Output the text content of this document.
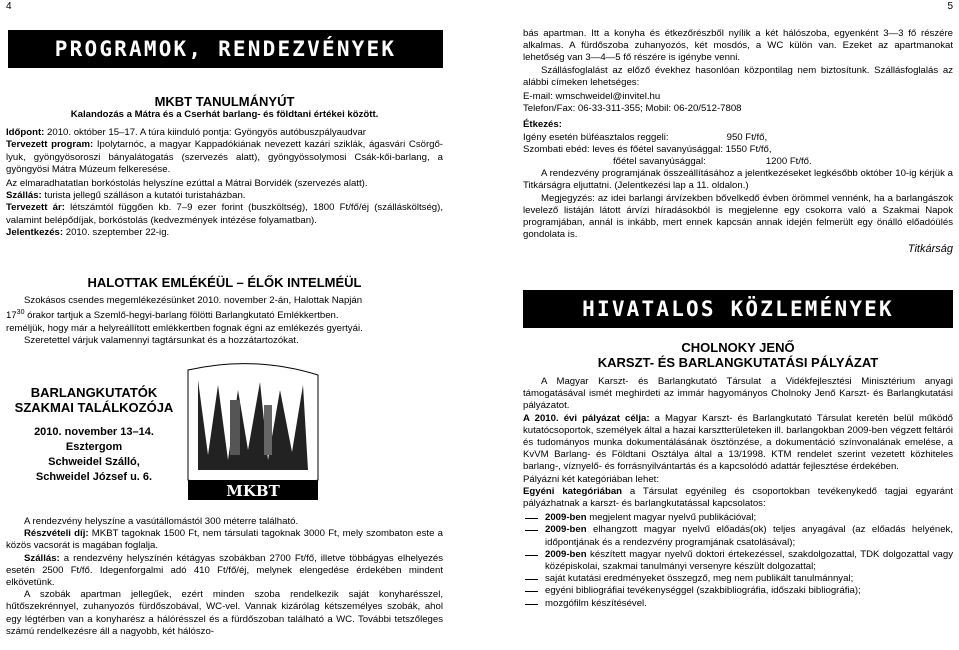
4	5
PROGRAMOK, RENDEZVÉNYEK
MKBT TANULMÁNYÚT
Kalandozás a Mátra és a Cserhát barlang- és földtani értékei között.
Időpont: 2010. október 15–17. A túra kiinduló pontja: Gyöngyös autóbuszpályaudvar
Tervezett program: Ipolytarnóc, a magyar Kappadókiának nevezett kazári sziklák, ágasvári Csörgő-lyuk, gyöngyösoroszi bányalátogatás (szervezés alatt), gyöngyössolymosi Csák-kői-barlang, a gyöngyösi Mátra Múzeum felkeresése.
Az elmaradhatatlan borkóstolás helyszíne ezúttal a Mátrai Borvidék (szervezés alatt).
Szállás: turista jellegű szálláson a kutatói turistaházban.
Tervezett ár: létszámtól függően kb. 7–9 ezer forint (buszköltség), 1800 Ft/fő/éj (szállásköltség), valamint belépődíjak, borkóstolás (kedvezmények intézése folyamatban).
Jelentkezés: 2010. szeptember 22-ig.
HALOTTAK EMLÉKÉÜL – ÉLŐK INTELMÉÜL
Szokásos csendes megemlékezésünket 2010. november 2-án, Halottak Napján
$17^{30}$ órakor tartjuk a Szemlő-hegyi-barlang fölötti Barlangkutató Emlékkertben.
reméljük, hogy már a helyreállított emlékkertben fognak égni az emlékezés gyertyái.
Szeretettel várjuk valamennyi tagtársunkat és a hozzátartozókat.
BARLANGKUTATÓK
SZAKMAI TALÁLKOZÓJA
2010. november 13–14.
Esztergom
Schweidel Szálló,
Schweidel József u. 6.
MKBT
A rendezvény helyszíne a vasútállomástól 300 méterre található.
Részvételi díj: MKBT tagoknak 1500 Ft, nem társulati tagoknak 3000 Ft, mely szombaton este a közös vacsorát is magában foglalja.
Szállás: a rendezvény helyszínén kétágyas szobákban 2700 Ft/fő, illetve többágyas elhelyezés esetén 2500 Ft/fő. Idegenforgalmi adó 410 Ft/fő/éj, melynek elengedése érdekében mindent elkövetünk.
A szobák apartman jellegűek, ezért minden szoba rendelkezik saját konyharésszel, hűtőszekrénnyel, zuhanyozós fürdőszobával, WC-vel. Vannak kizárólag kétszemélyes szobák, ahol egy légtérben van a konyharész a hálórésszel és a fürdőszoban található a WC. További tetszőleges számú rendelkezésre áll a nagyobb, két hálószo-
bás apartman. Itt a konyha és étkezőrészből nyílik a két hálószoba, egyenként 3—3 fő részére alkalmas. A fürdőszoba zuhanyozós, két mosdós, a WC külön van. Ezeket az apartmanokat lehetőség van 3—4—5 fő részére is igénybe venni.
Szállásfoglalást az előző évekhez hasonlóan központilag nem biztosítunk. Szállásfoglalás az alábbi címeken lehetséges:
E-mail: wmschweidel@invitel.hu
Telefon/Fax: 06-33-311-355; Mobil: 06-20/512-7808
Étkezés:
Igény esetén büféasztalos reggeli:	950 Ft/fő,
Szombati ebéd: leves és főétel savanyúsággal: 1550 Ft/fő,
főétel savanyúsággal:	1200 Ft/fő.
A rendezvény programjának összeállításához a jelentkezéseket legkésőbb október 10-ig kérjük a Titkárságra eljuttatni. (Jelentkezési lap a 11. oldalon.)
Megjegyzés: az idei barlangi árvízekben bővelkedő évben örömmel vennénk, ha a barlangászok levelező listáján látott árvízi híradásokból is megjelenne egy csokorra való a Szakmai Napok programjában, annál is inkább, mert ennek kapcsán annak idején felmerült egy önálló előadóülés gondolata is.
Titkárság
HIVATALOS KÖZLEMÉNYEK
CHOLNOKY JENŐ
KARSZT- ÉS BARLANGKUTATÁSI PÁLYÁZAT
A Magyar Karszt- és Barlangkutató Társulat a Vidékfejlesztési Minisztérium anyagi támogatásával ismét meghirdeti az immár hagyományos Cholnoky Jenő Karszt- és Barlangkutatási pályázatot.
A 2010. évi pályázat célja: a Magyar Karszt- és Barlangkutató Társulat keretén belül működő kutatócsoportok, személyek által a hazai karsztterületeken ill. barlangokban 2009-ben végzett feltárói és tudományos munka dokumentálásának ösztönzése, a dokumentáció színvonalának emelése, a KvVM Barlang- és Földtani Osztálya által a 13/1998. KTM rendelet szerint vezetett közhiteles barlang-, víznyelő- és forrásnyilvántartás és a kapcsolódó adattár fejlesztése érdekében.
Pályázni két kategóriában lehet:
Egyéni kategóriában a Társulat egyénileg és csoportokban tevékenykedő tagjai egyaránt pályázhatnak a karszt- és barlangkutatással kapcsolatos:
2009-ben megjelent magyar nyelvű publikációval;
2009-ben elhangzott magyar nyelvű előadás(ok) teljes anyagával (az előadás helyének, időpontjának és a rendezvény programjának csatolásával);
2009-ben készített magyar nyelvű doktori értekezéssel, szakdolgozattal, TDK dolgozattal vagy középiskolai, szakmai tanulmányi versenyre készült dolgozattal;
saját kutatási eredményeket összegző, meg nem publikált tanulmánnyal;
egyéni bibliográfiai tevékenységgel (szakbibliográfia, időszaki bibliográfia);
mozgófilm készítésével.
